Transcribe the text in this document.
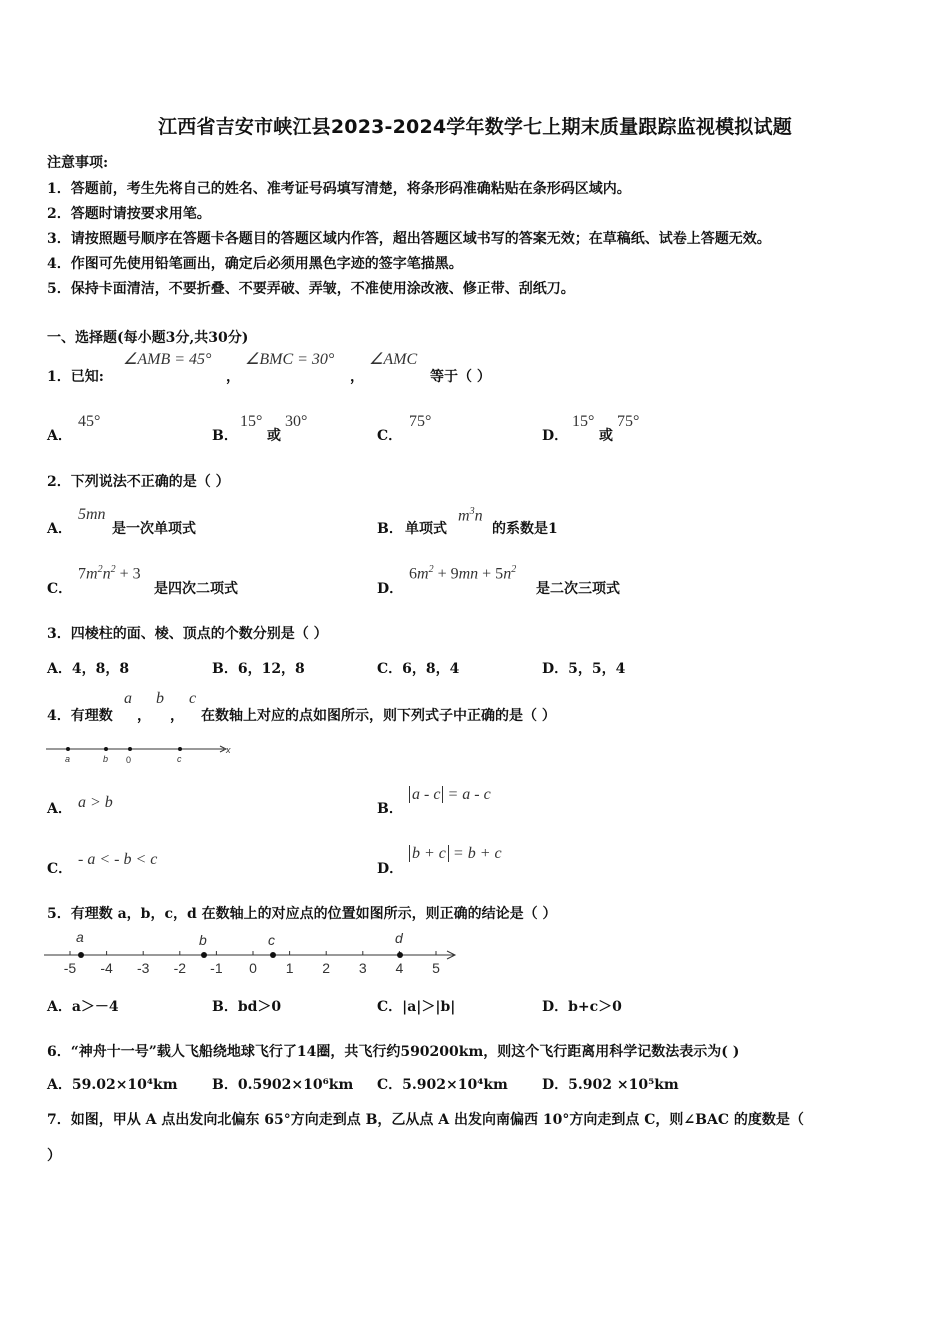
江西省吉安市峡江县2023-2024学年数学七上期末质量跟踪监视模拟试题
注意事项:
1．答题前，考生先将自己的姓名、准考证号码填写清楚，将条形码准确粘贴在条形码区域内。
2．答题时请按要求用笔。
3．请按照题号顺序在答题卡各题目的答题区域内作答，超出答题区域书写的答案无效；在草稿纸、试卷上答题无效。
4．作图可先使用铅笔画出，确定后必须用黑色字迹的签字笔描黑。
5．保持卡面清洁，不要折叠、不要弄破、弄皱，不准使用涂改液、修正带、刮纸刀。
一、选择题(每小题3分,共30分)
1．已知:
∠AMB = 45°
，
∠BMC = 30°
，
∠AMC
等于（ ）
A．
45°
B．
15°
或
30°
C．
75°
D．
15°
或
75°
2．下列说法不正确的是（ ）
A．
5mn
是一次单项式	B． 单项式
$m^3n$
的系数是1
C．
$7m^2n^2 + 3$
是四次二项式	D．
$6m^2 + 9mn + 5n^2$
是二次三项式
3．四棱柱的面、棱、顶点的个数分别是（ ）
A．4，8，8	B．6，12，8	C．6，8，4	D．5，5，4
4．有理数
a
，
b
，
c
在数轴上对应的点如图所示，则下列式子中正确的是（ ）
a	b 0	c
x
A． a > b	B．
a - c = a - c
C．
- a < - b < c
D．
b + c = b + c
5．有理数 a，b，c，d 在数轴上的对应点的位置如图所示，则正确的结论是（ ）
-5 -4 -3 -2 -1 0 1 2 3 4 5
a	b	c	d
A．a＞－4	B．bd＞0	C．|a|＞|b|	D．b+c＞0
6．“神舟十一号”载人飞船绕地球飞行了14圈，共飞行约590200km，则这个飞行距离用科学记数法表示为( )
A．59.02×10⁴km B．0.5902×10⁶km C．5.902×10⁴km D．5.902 ×10⁵km
7．如图，甲从 A 点出发向北偏东 65°方向走到点 B，乙从点 A 出发向南偏西 10°方向走到点 C，则∠BAC 的度数是（
）
